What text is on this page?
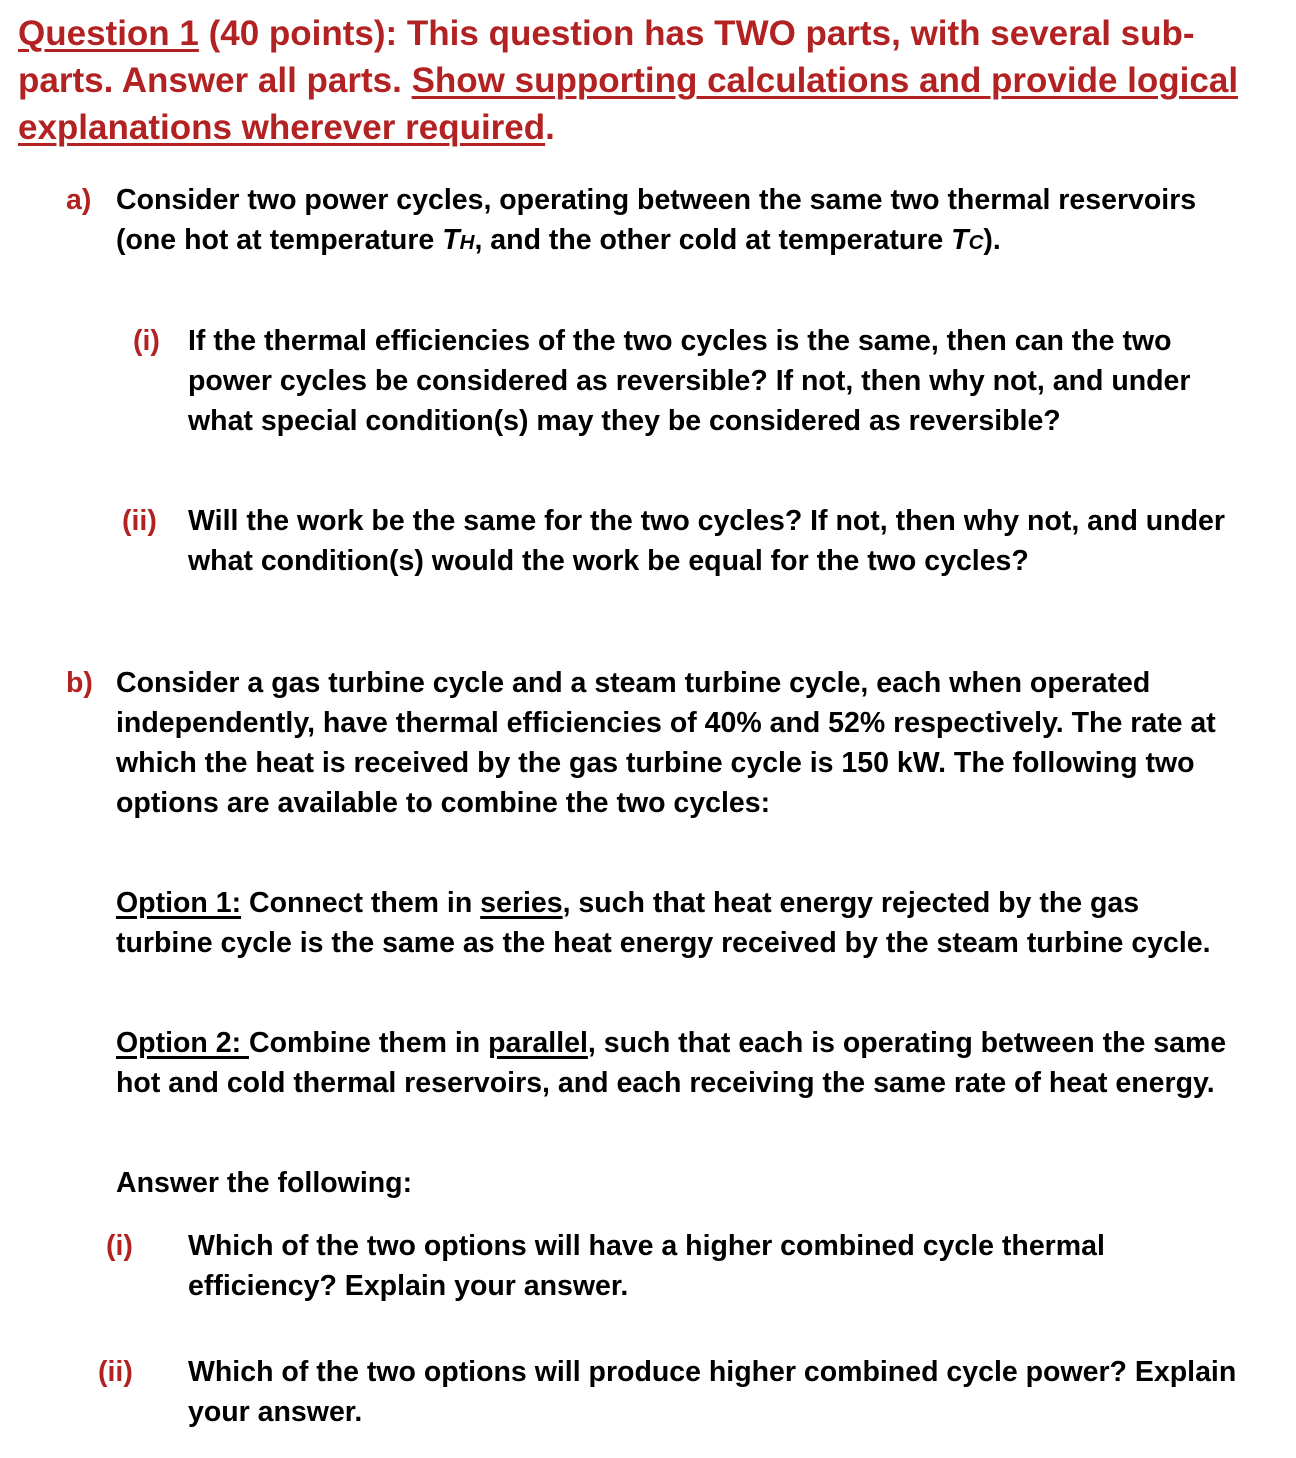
Question 1 (40 points): This question has TWO parts, with several sub-parts. Answer all parts. Show supporting calculations and provide logical explanations wherever required.
a) Consider two power cycles, operating between the same two thermal reservoirs (one hot at temperature TH, and the other cold at temperature TC).
(i) If the thermal efficiencies of the two cycles is the same, then can the two power cycles be considered as reversible? If not, then why not, and under what special condition(s) may they be considered as reversible?
(ii) Will the work be the same for the two cycles? If not, then why not, and under what condition(s) would the work be equal for the two cycles?
b) Consider a gas turbine cycle and a steam turbine cycle, each when operated independently, have thermal efficiencies of 40% and 52% respectively. The rate at which the heat is received by the gas turbine cycle is 150 kW. The following two options are available to combine the two cycles:
Option 1: Connect them in series, such that heat energy rejected by the gas turbine cycle is the same as the heat energy received by the steam turbine cycle.
Option 2: Combine them in parallel, such that each is operating between the same hot and cold thermal reservoirs, and each receiving the same rate of heat energy.
Answer the following:
(i) Which of the two options will have a higher combined cycle thermal efficiency? Explain your answer.
(ii) Which of the two options will produce higher combined cycle power? Explain your answer.
